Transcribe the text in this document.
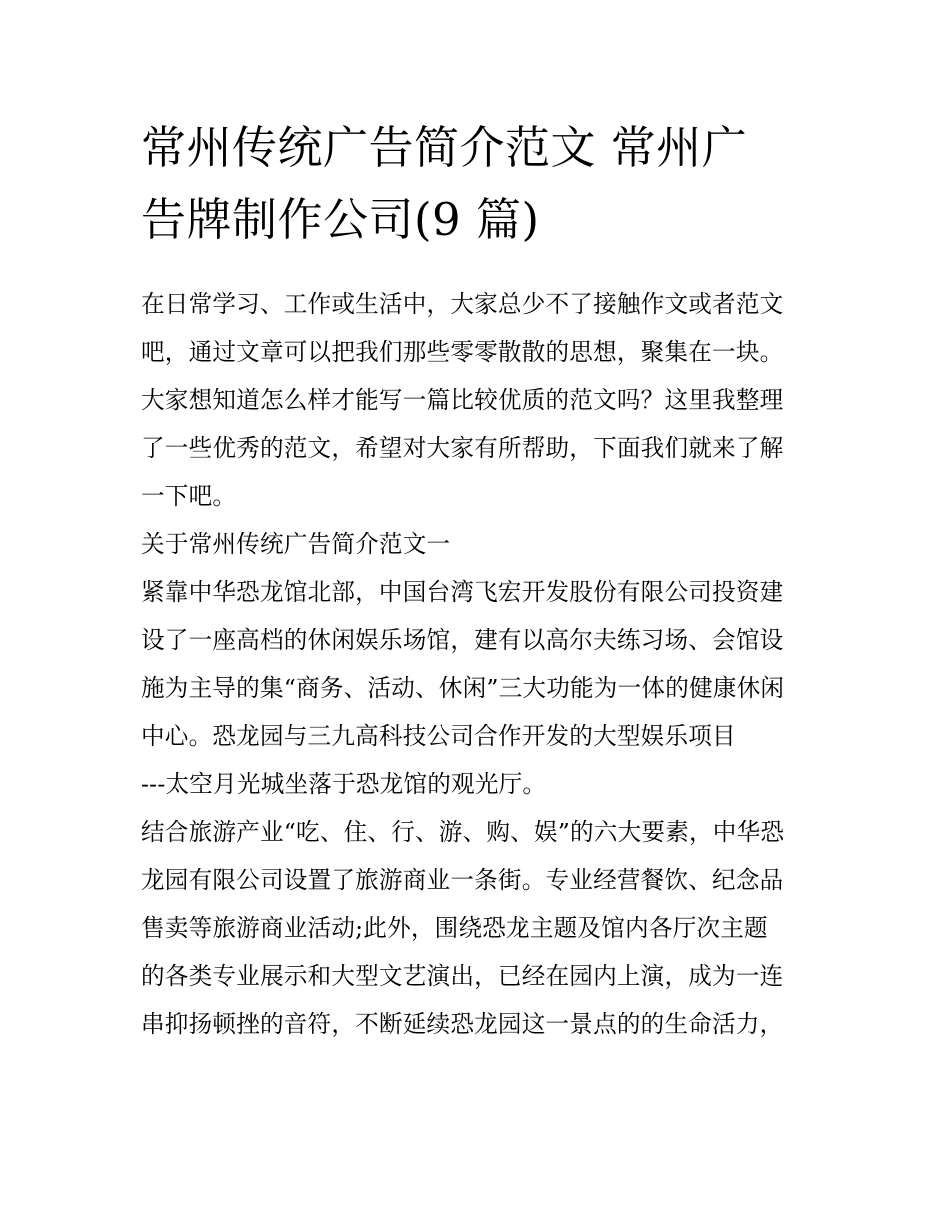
常州传统广告简介范文 常州广
告牌制作公司(9 篇)

在日常学习、工作或生活中，大家总少不了接触作文或者范文
吧，通过文章可以把我们那些零零散散的思想，聚集在一块。
大家想知道怎么样才能写一篇比较优质的范文吗？这里我整理
了一些优秀的范文，希望对大家有所帮助，下面我们就来了解
一下吧。

关于常州传统广告简介范文一

紧靠中华恐龙馆北部，中国台湾飞宏开发股份有限公司投资建
设了一座高档的休闲娱乐场馆，建有以高尔夫练习场、会馆设
施为主导的集“商务、活动、休闲”三大功能为一体的健康休闲
中心。恐龙园与三九高科技公司合作开发的大型娱乐项目
---太空月光城坐落于恐龙馆的观光厅。

结合旅游产业“吃、住、行、游、购、娱”的六大要素，中华恐
龙园有限公司设置了旅游商业一条街。专业经营餐饮、纪念品
售卖等旅游商业活动;此外，围绕恐龙主题及馆内各厅次主题
的各类专业展示和大型文艺演出，已经在园内上演，成为一连
串抑扬顿挫的音符，不断延续恐龙园这一景点的的生命活力，
